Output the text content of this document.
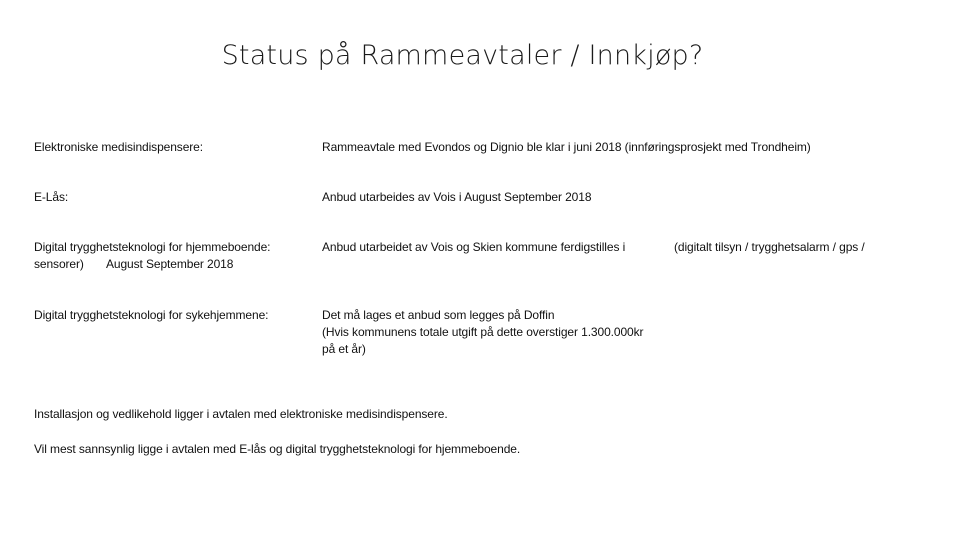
Status på Rammeavtaler / Innkjøp?
Elektroniske medisindispensere:	Rammeavtale med Evondos og Dignio ble klar i juni 2018 (innføringsprosjekt med Trondheim)
E-Lås:	Anbud utarbeides av Vois i August September 2018
Digital trygghetsteknologi for hjemmeboende:	Anbud utarbeidet av Vois og Skien kommune ferdigstilles i	(digitalt tilsyn / trygghetsalarm / gps /
sensorer) August September 2018
Digital trygghetsteknologi for sykehjemmene:	Det må lages et anbud som legges på Doffin
(Hvis kommunens totale utgift på dette overstiger 1.300.000kr
på et år)
Installasjon og vedlikehold ligger i avtalen med elektroniske medisindispensere.
Vil mest sannsynlig ligge i avtalen med E-lås og digital trygghetsteknologi for hjemmeboende.
